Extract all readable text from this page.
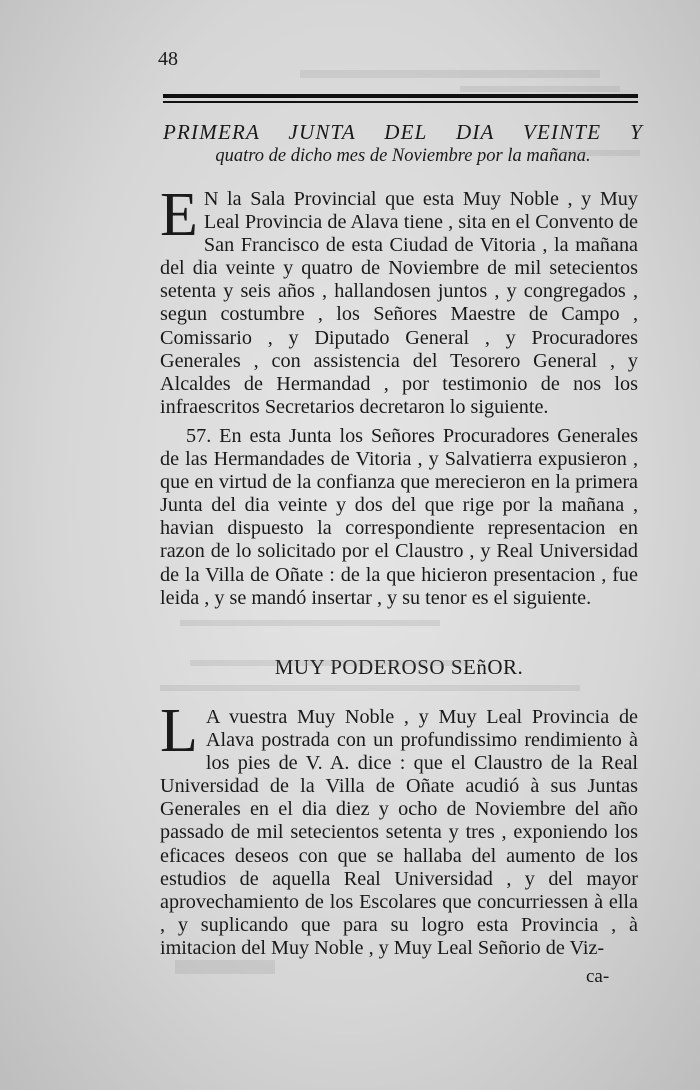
48
PRIMERA JUNTA DEL DIA VEINTE Y
quatro de dicho mes de Noviembre por la mañana.

E N la Sala Provincial que esta Muy Noble , y Muy Leal Provincia de Alava tiene , sita en el Convento de San Francisco de esta Ciudad de Vitoria , la mañana del dia veinte y quatro de Noviembre de mil setecientos setenta y seis años , hallandosen juntos , y congregados , segun costumbre , los Señores Maestre de Campo , Comissario , y Diputado General , y Procuradores Generales , con assistencia del Tesorero General , y Alcaldes de Hermandad , por testimonio de nos los infraescritos Secretarios decretaron lo siguiente.

57. En esta Junta los Señores Procuradores Generales de las Hermandades de Vitoria , y Salvatierra expusieron , que en virtud de la confianza que merecieron en la primera Junta del dia veinte y dos del que rige por la mañana , havian dispuesto la correspondiente representacion en razon de lo solicitado por el Claustro , y Real Universidad de la Villa de Oñate : de la que hicieron presentacion , fue leida , y se mandó insertar , y su tenor es el siguiente.

MUY PODEROSO SEñOR.

L A vuestra Muy Noble , y Muy Leal Provincia de Alava postrada con un profundissimo rendimiento à los pies de V. A. dice : que el Claustro de la Real Universidad de la Villa de Oñate acudió à sus Juntas Generales en el dia diez y ocho de Noviembre del año passado de mil setecientos setenta y tres , exponiendo los eficaces deseos con que se hallaba del aumento de los estudios de aquella Real Universidad , y del mayor aprovechamiento de los Escolares que concurriessen à ella , y suplicando que para su logro esta Provincia , à imitacion del Muy Noble , y Muy Leal Señorio de Viz-

ca-
